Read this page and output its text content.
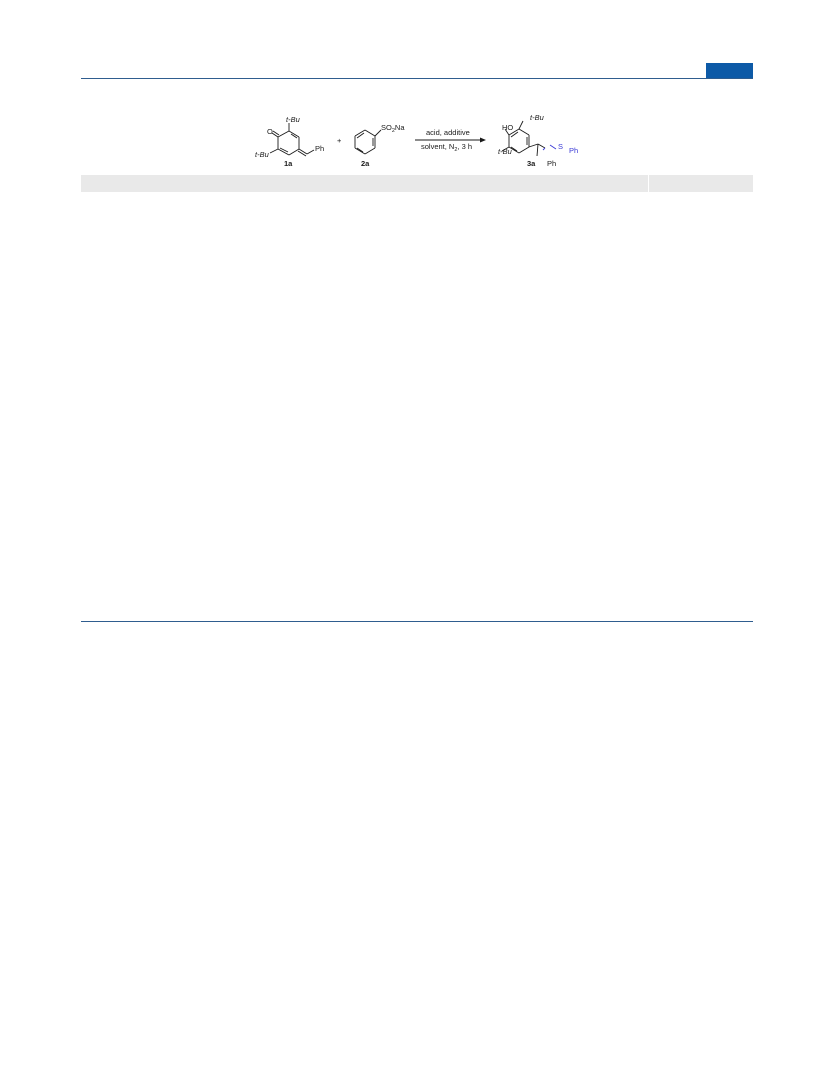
O
t-Bu
t-Bu
Ph
1a
+
$SO_2Na$
2a
acid, additive
solvent, $N_2$, 3 h
HO
t-Bu
t-Bu
Ph
S Ph
3a
